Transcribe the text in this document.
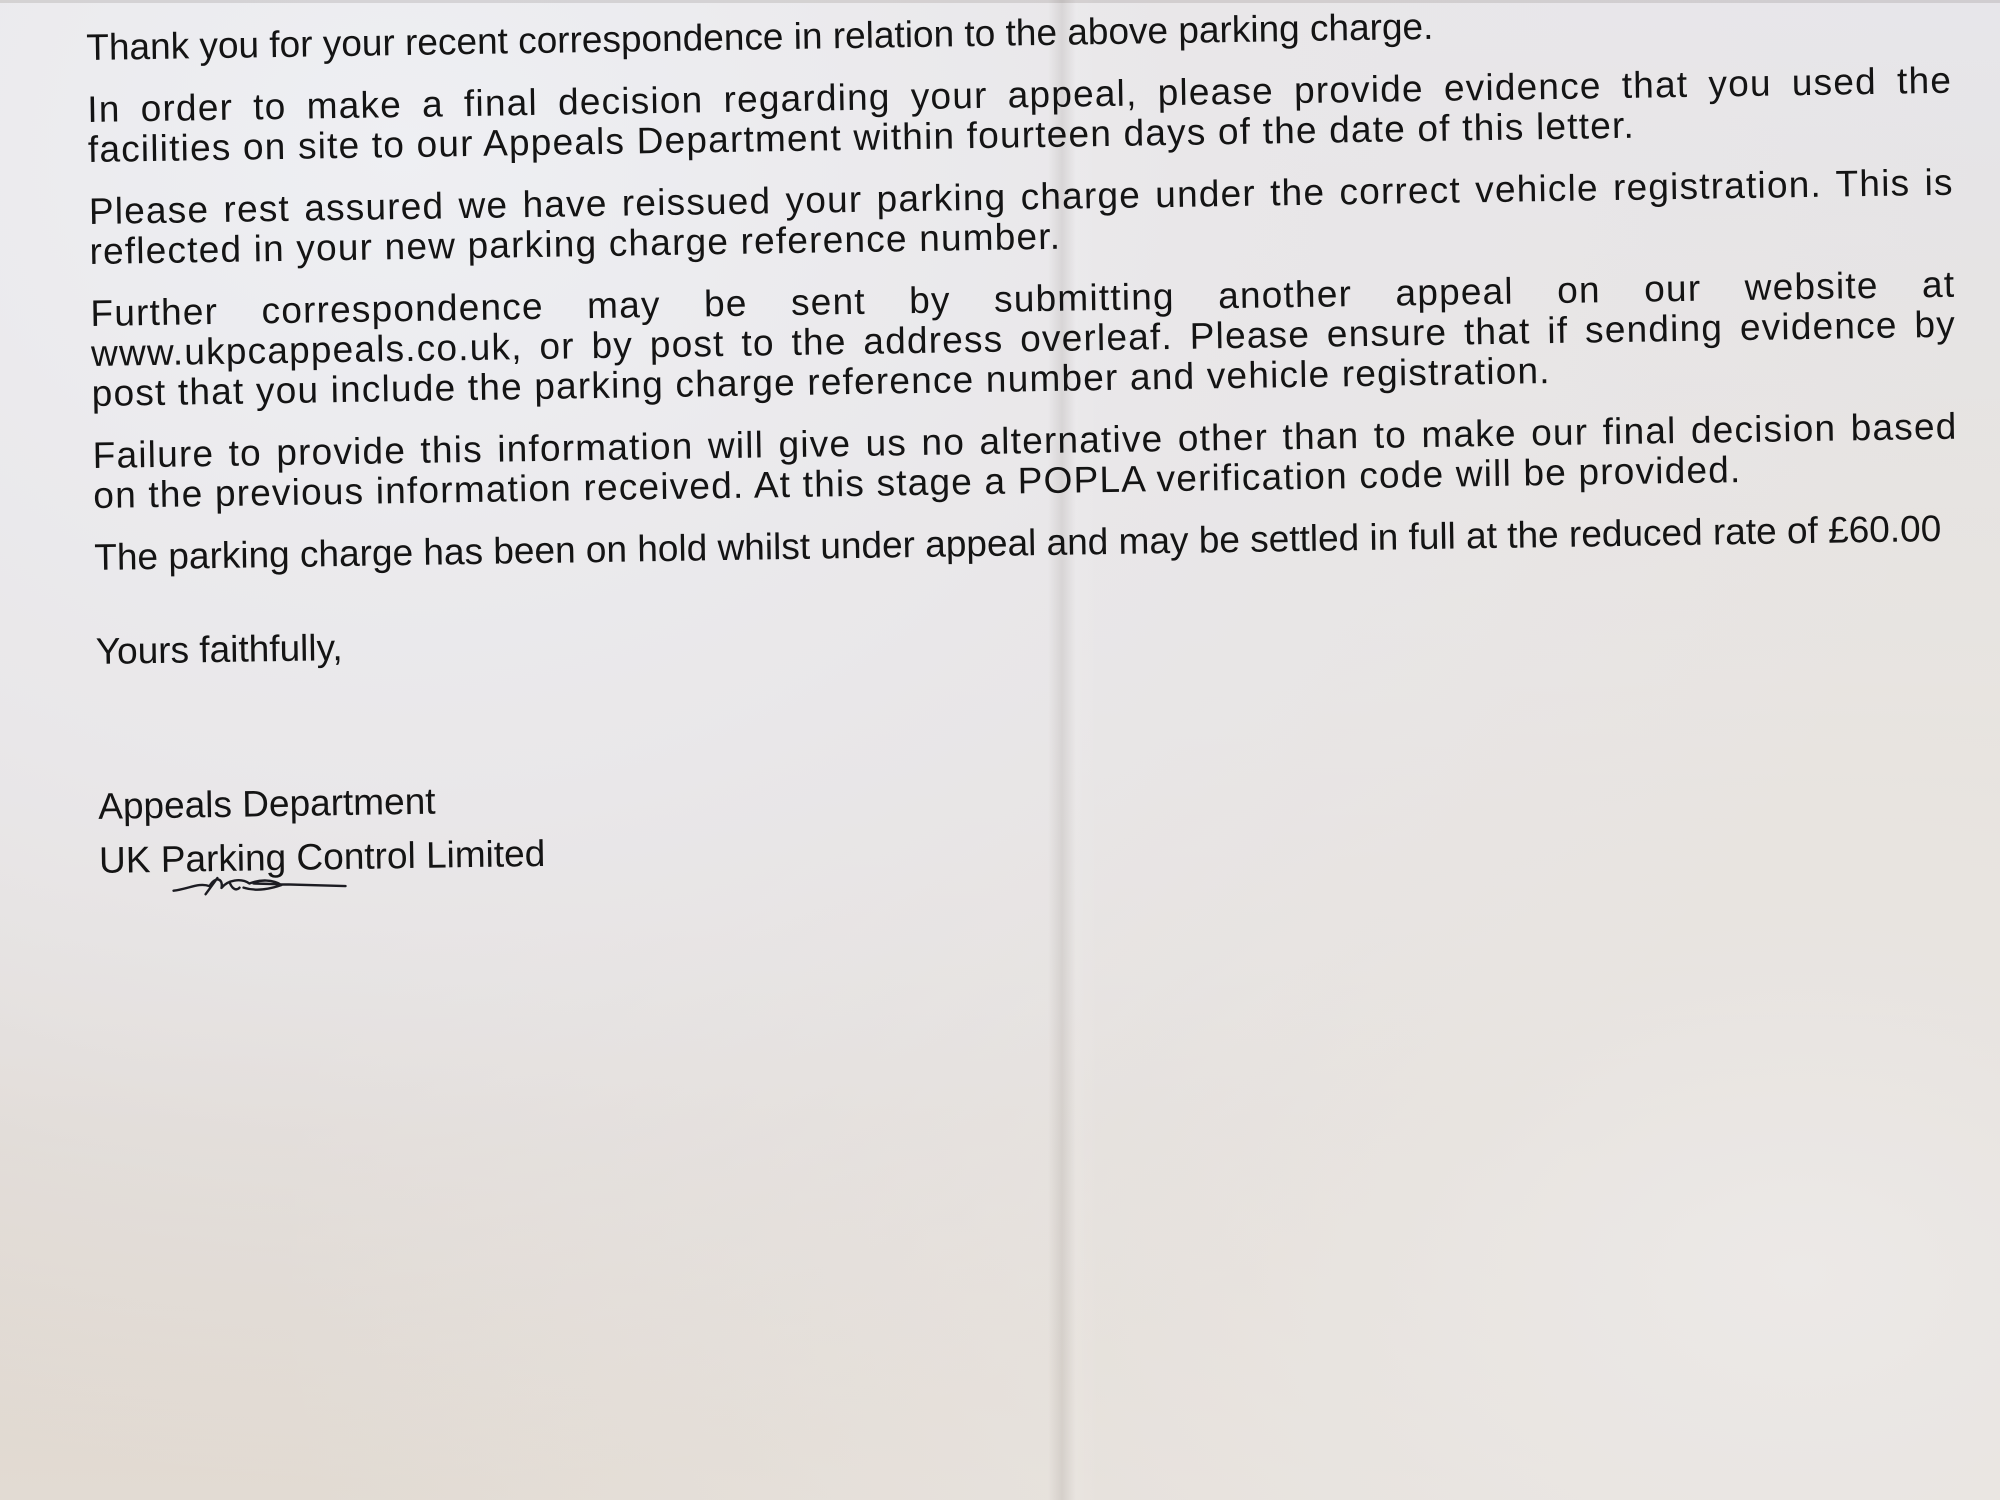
Thank you for your recent correspondence in relation to the above parking charge.

In order to make a final decision regarding your appeal, please provide evidence that you used the facilities on site to our Appeals Department within fourteen days of the date of this letter.

Please rest assured we have reissued your parking charge under the correct vehicle registration. This is reflected in your new parking charge reference number.

Further correspondence may be sent by submitting another appeal on our website at www.ukpcappeals.co.uk, or by post to the address overleaf. Please ensure that if sending evidence by post that you include the parking charge reference number and vehicle registration.

Failure to provide this information will give us no alternative other than to make our final decision based on the previous information received. At this stage a POPLA verification code will be provided.

The parking charge has been on hold whilst under appeal and may be settled in full at the reduced rate of £60.00

Yours faithfully,

Appeals Department
UK Parking Control Limited
